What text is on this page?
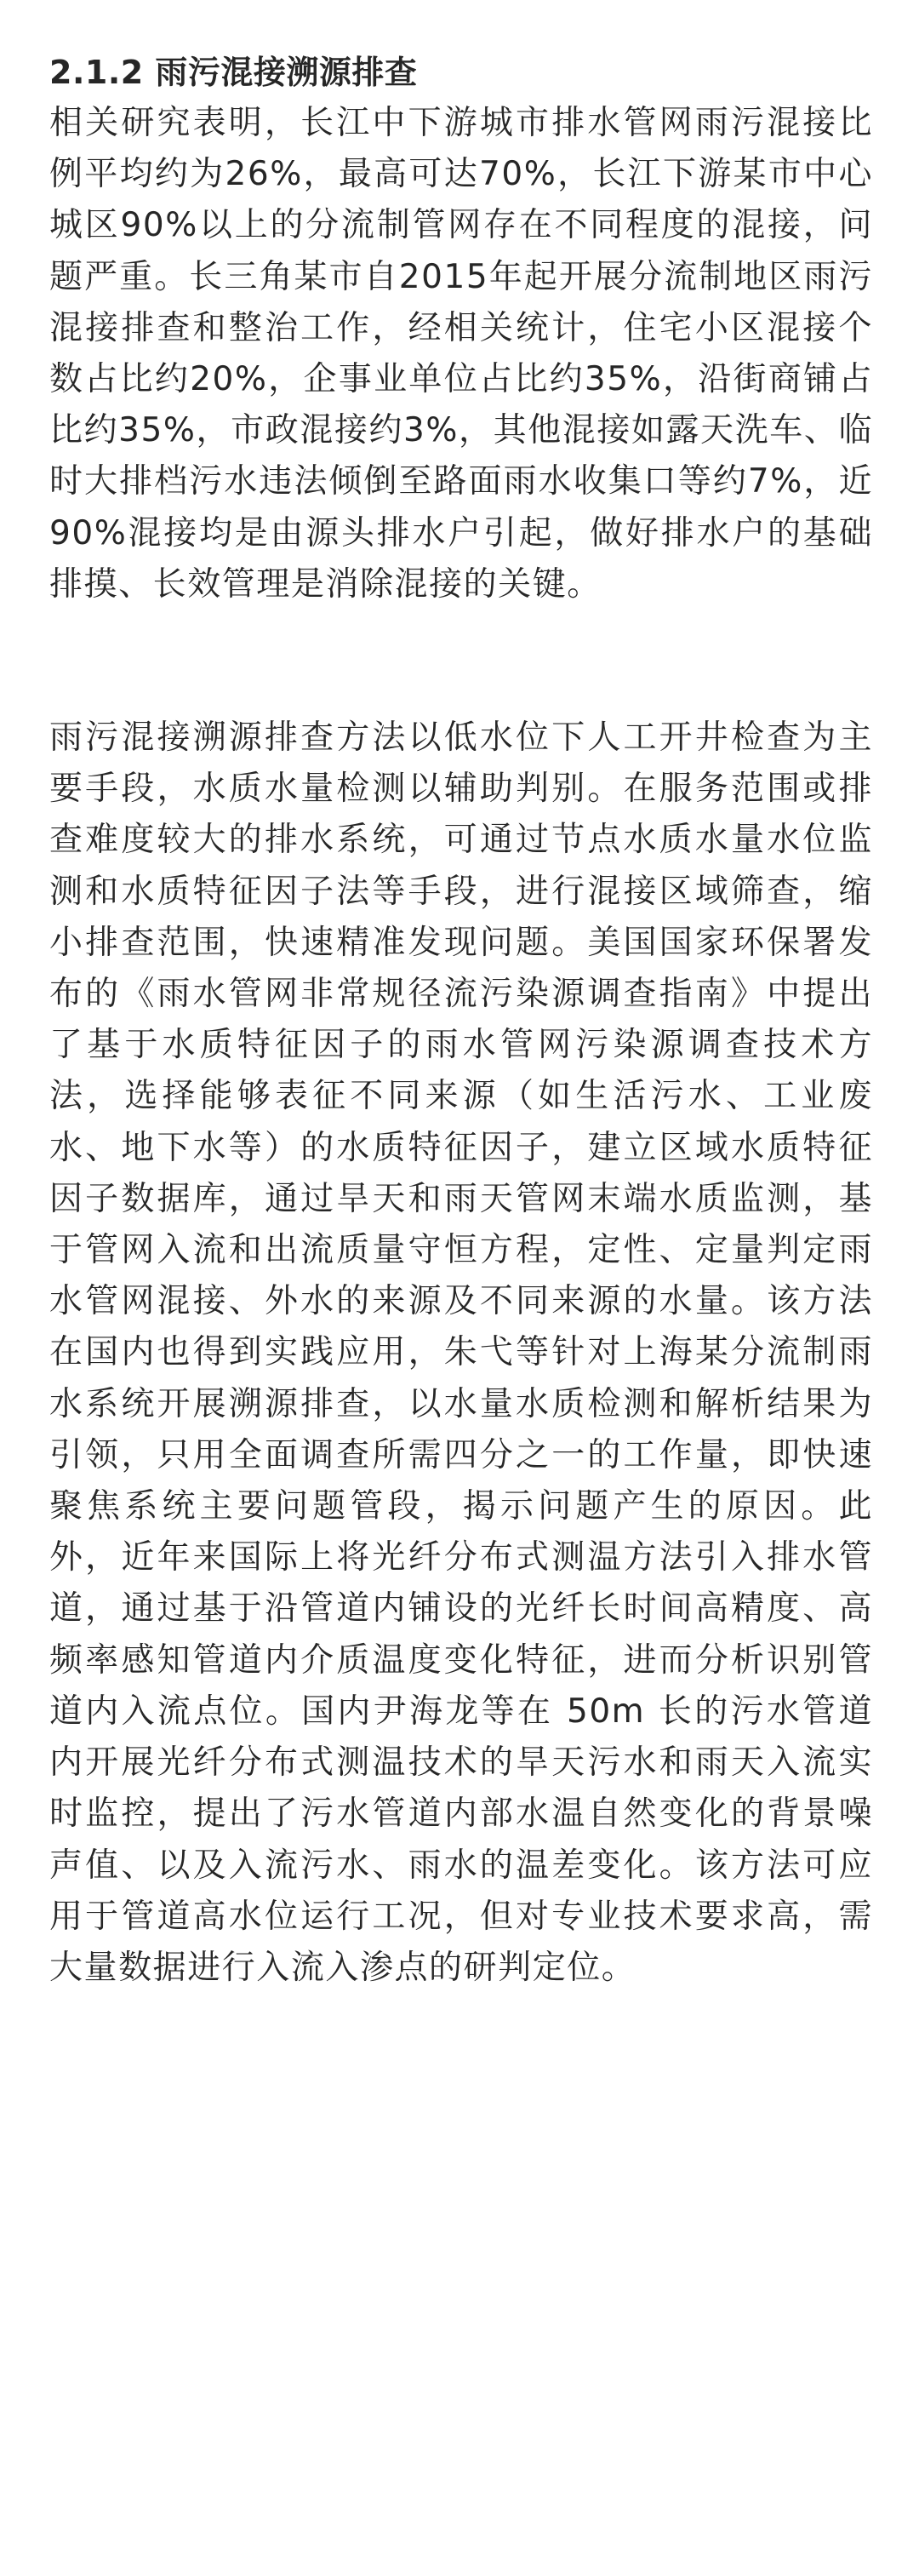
2.1.2 雨污混接溯源排查

相关研究表明，长江中下游城市排水管网雨污混接比例平均约为26%，最高可达70%，长江下游某市中心城区90%以上的分流制管网存在不同程度的混接，问题严重。长三角某市自2015年起开展分流制地区雨污混接排查和整治工作，经相关统计，住宅小区混接个数占比约20%，企事业单位占比约35%，沿街商铺占比约35%，市政混接约3%，其他混接如露天洗车、临时大排档污水违法倾倒至路面雨水收集口等约7%，近90%混接均是由源头排水户引起，做好排水户的基础排摸、长效管理是消除混接的关键。

雨污混接溯源排查方法以低水位下人工开井检查为主要手段，水质水量检测以辅助判别。在服务范围或排查难度较大的排水系统，可通过节点水质水量水位监测和水质特征因子法等手段，进行混接区域筛查，缩小排查范围，快速精准发现问题。美国国家环保署发布的《雨水管网非常规径流污染源调查指南》中提出了基于水质特征因子的雨水管网污染源调查技术方法，选择能够表征不同来源（如生活污水、工业废水、地下水等）的水质特征因子，建立区域水质特征因子数据库，通过旱天和雨天管网末端水质监测，基于管网入流和出流质量守恒方程，定性、定量判定雨水管网混接、外水的来源及不同来源的水量。该方法在国内也得到实践应用，朱弋等针对上海某分流制雨水系统开展溯源排查，以水量水质检测和解析结果为引领，只用全面调查所需四分之一的工作量，即快速聚焦系统主要问题管段，揭示问题产生的原因。此外，近年来国际上将光纤分布式测温方法引入排水管道，通过基于沿管道内铺设的光纤长时间高精度、高频率感知管道内介质温度变化特征，进而分析识别管道内入流点位。国内尹海龙等在 50m 长的污水管道内开展光纤分布式测温技术的旱天污水和雨天入流实时监控，提出了污水管道内部水温自然变化的背景噪声值、以及入流污水、雨水的温差变化。该方法可应用于管道高水位运行工况，但对专业技术要求高，需大量数据进行入流入渗点的研判定位。
